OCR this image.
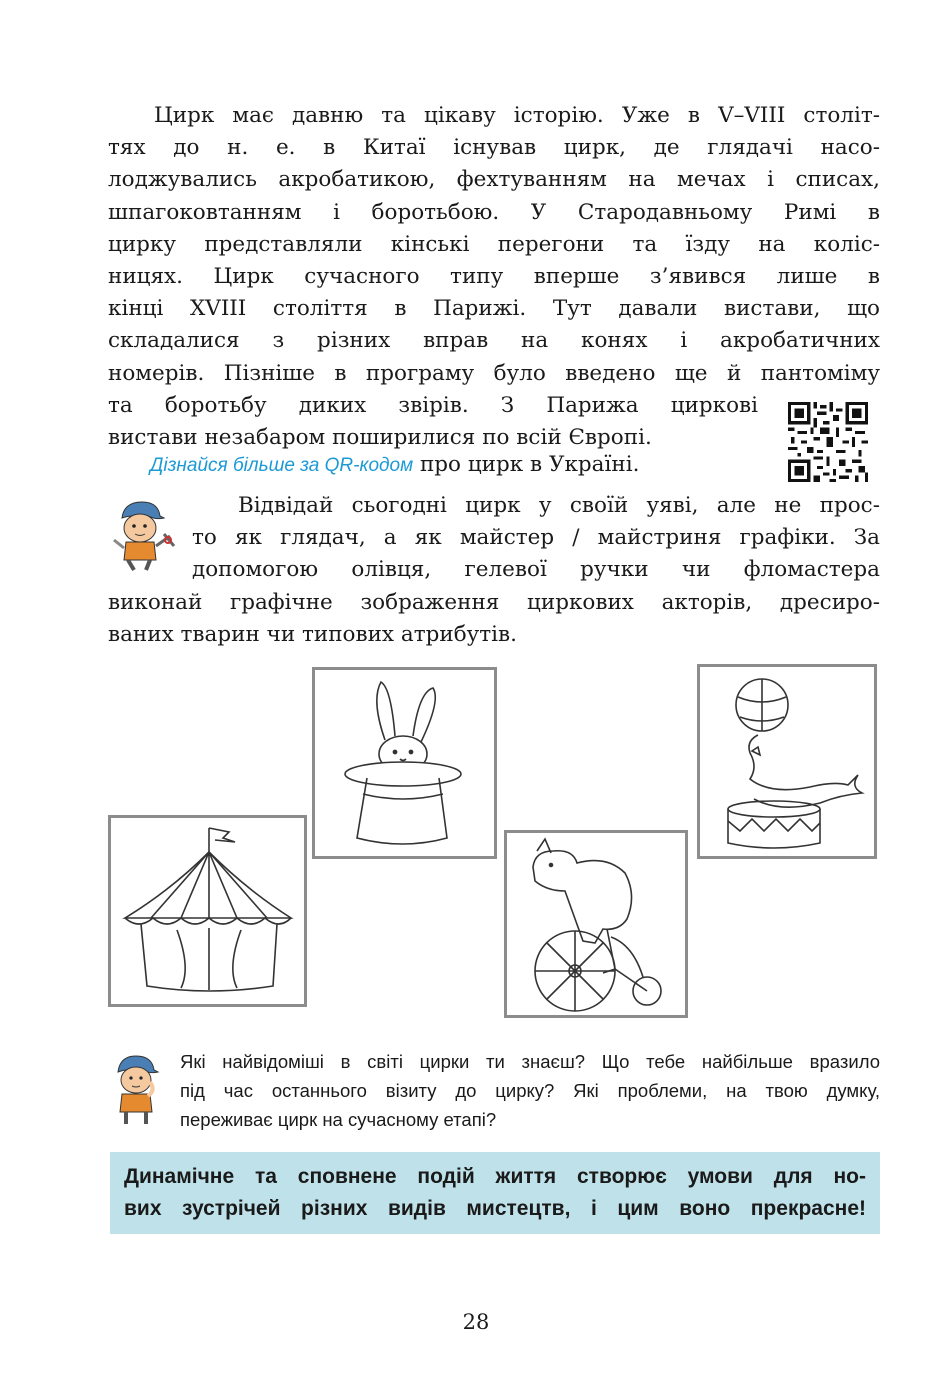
Цирк має давню та цікаву історію. Уже в V–VIII століт-
тях до н. е. в Китаї існував цирк, де глядачі насо-
лоджувались акробатикою, фехтуванням на мечах і списах,
шпагоковтанням і боротьбою. У Стародавньому Римі в
цирку представляли кінські перегони та їзду на коліс-
ницях. Цирк сучасного типу вперше з’явився лише в
кінці XVIII століття в Парижі. Тут давали вистави, що
складалися з різних вправ на конях і акробатичних
номерів. Пізніше в програму було введено ще й пантоміму
та боротьбу диких звірів. З Парижа циркові
вистави незабаром поширилися по всій Європі.
Дізнайся більше за QR-кодом про цирк в Україні.
Відвідай сьогодні цирк у своїй уяві, але не прос-
то як глядач, а як майстер / майстриня графіки. За
допомогою олівця, гелевої ручки чи фломастера
виконай графічне зображення циркових акторів, дресиро-
ваних тварин чи типових атрибутів.
Які найвідоміші в світі цирки ти знаєш? Що тебе найбільше вразило
під час останнього візиту до цирку? Які проблеми, на твою думку,
переживає цирк на сучасному етапі?
Динамічне та сповнене подій життя створює умови для но-
вих зустрічей різних видів мистецтв, і цим воно прекрасне!
28
